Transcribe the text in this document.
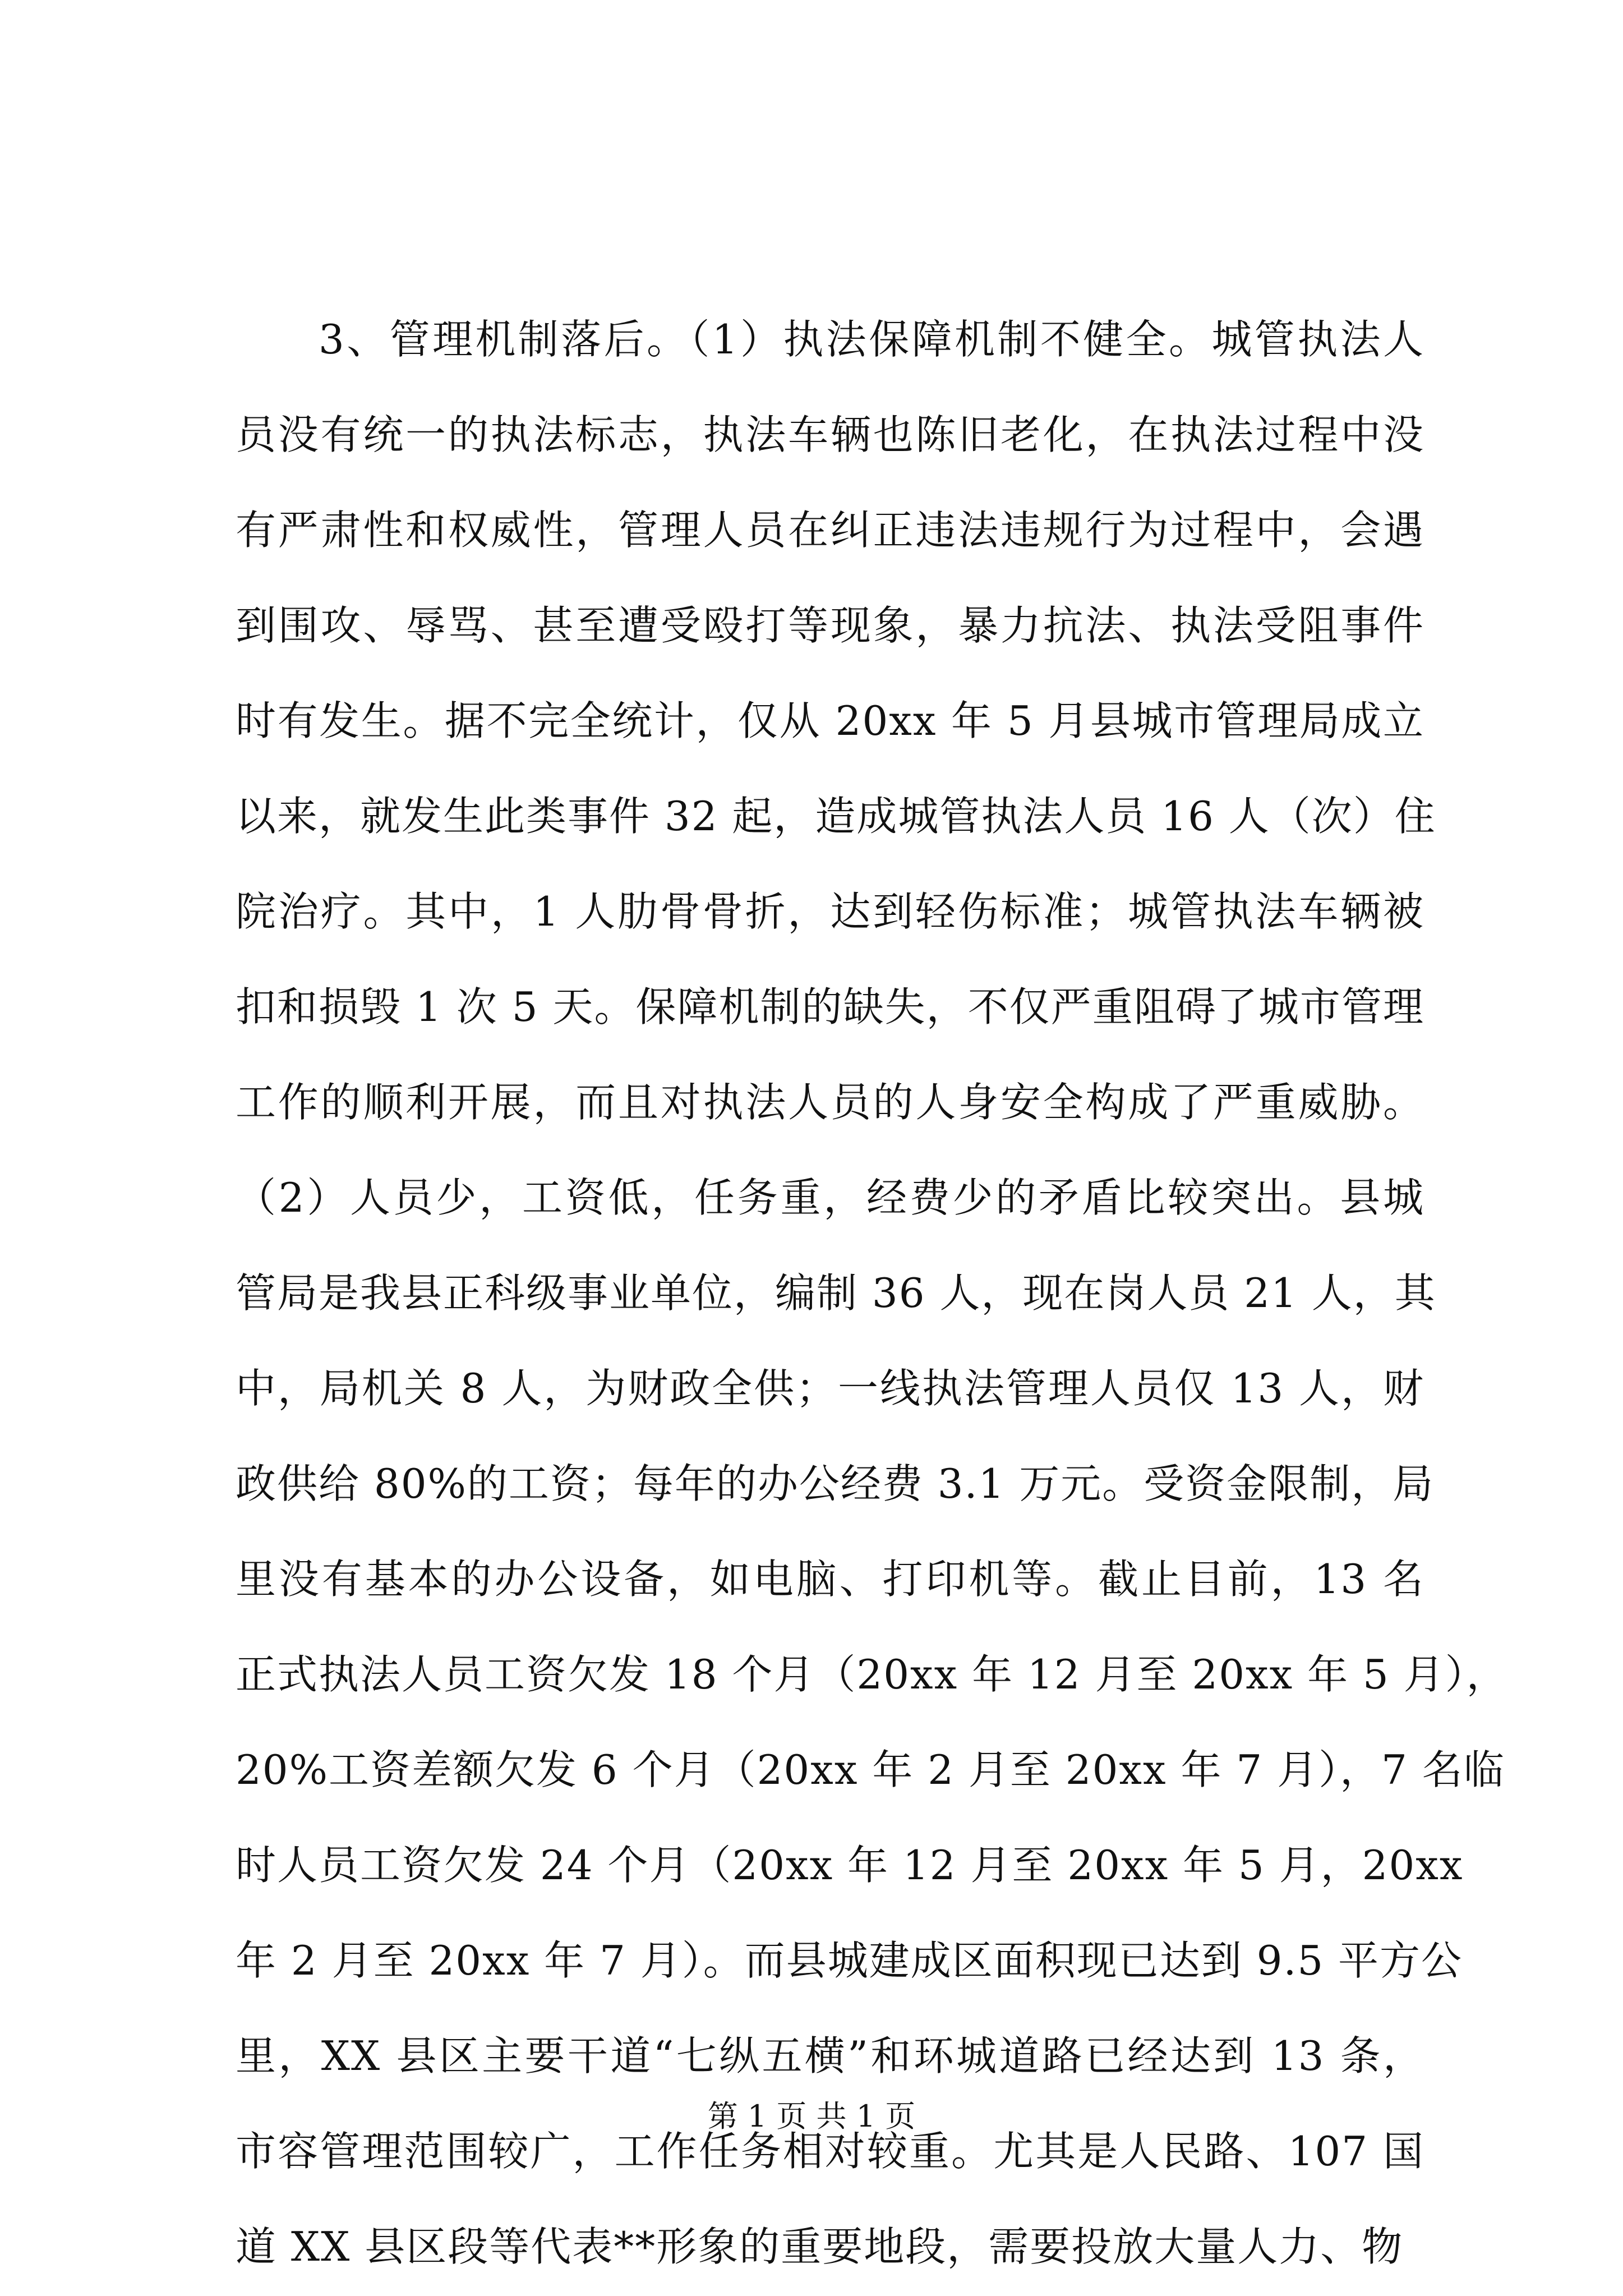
3、管理机制落后。（1）执法保障机制不健全。城管执法人
员没有统一的执法标志，执法车辆也陈旧老化，在执法过程中没
有严肃性和权威性，管理人员在纠正违法违规行为过程中，会遇
到围攻、辱骂、甚至遭受殴打等现象，暴力抗法、执法受阻事件
时有发生。据不完全统计，仅从 20xx 年 5 月县城市管理局成立
以来，就发生此类事件 32 起，造成城管执法人员 16 人（次）住
院治疗。其中，1 人肋骨骨折，达到轻伤标准；城管执法车辆被
扣和损毁 1 次 5 天。保障机制的缺失，不仅严重阻碍了城市管理
工作的顺利开展，而且对执法人员的人身安全构成了严重威胁。
（2）人员少，工资低，任务重，经费少的矛盾比较突出。县城
管局是我县正科级事业单位，编制 36 人，现在岗人员 21 人，其
中，局机关 8 人，为财政全供；一线执法管理人员仅 13 人，财
政供给 80%的工资；每年的办公经费 3.1 万元。受资金限制，局
里没有基本的办公设备，如电脑、打印机等。截止目前，13 名
正式执法人员工资欠发 18 个月（20xx 年 12 月至 20xx 年 5 月），
20%工资差额欠发 6 个月（20xx 年 2 月至 20xx 年 7 月），7 名临
时人员工资欠发 24 个月（20xx 年 12 月至 20xx 年 5 月，20xx
年 2 月至 20xx 年 7 月）。而县城建成区面积现已达到 9.5 平方公
里，XX 县区主要干道“七纵五横”和环城道路已经达到 13 条，
市容管理范围较广，工作任务相对较重。尤其是人民路、107 国
道 XX 县区段等代表**形象的重要地段，需要投放大量人力、物
第 1 页 共 1 页
